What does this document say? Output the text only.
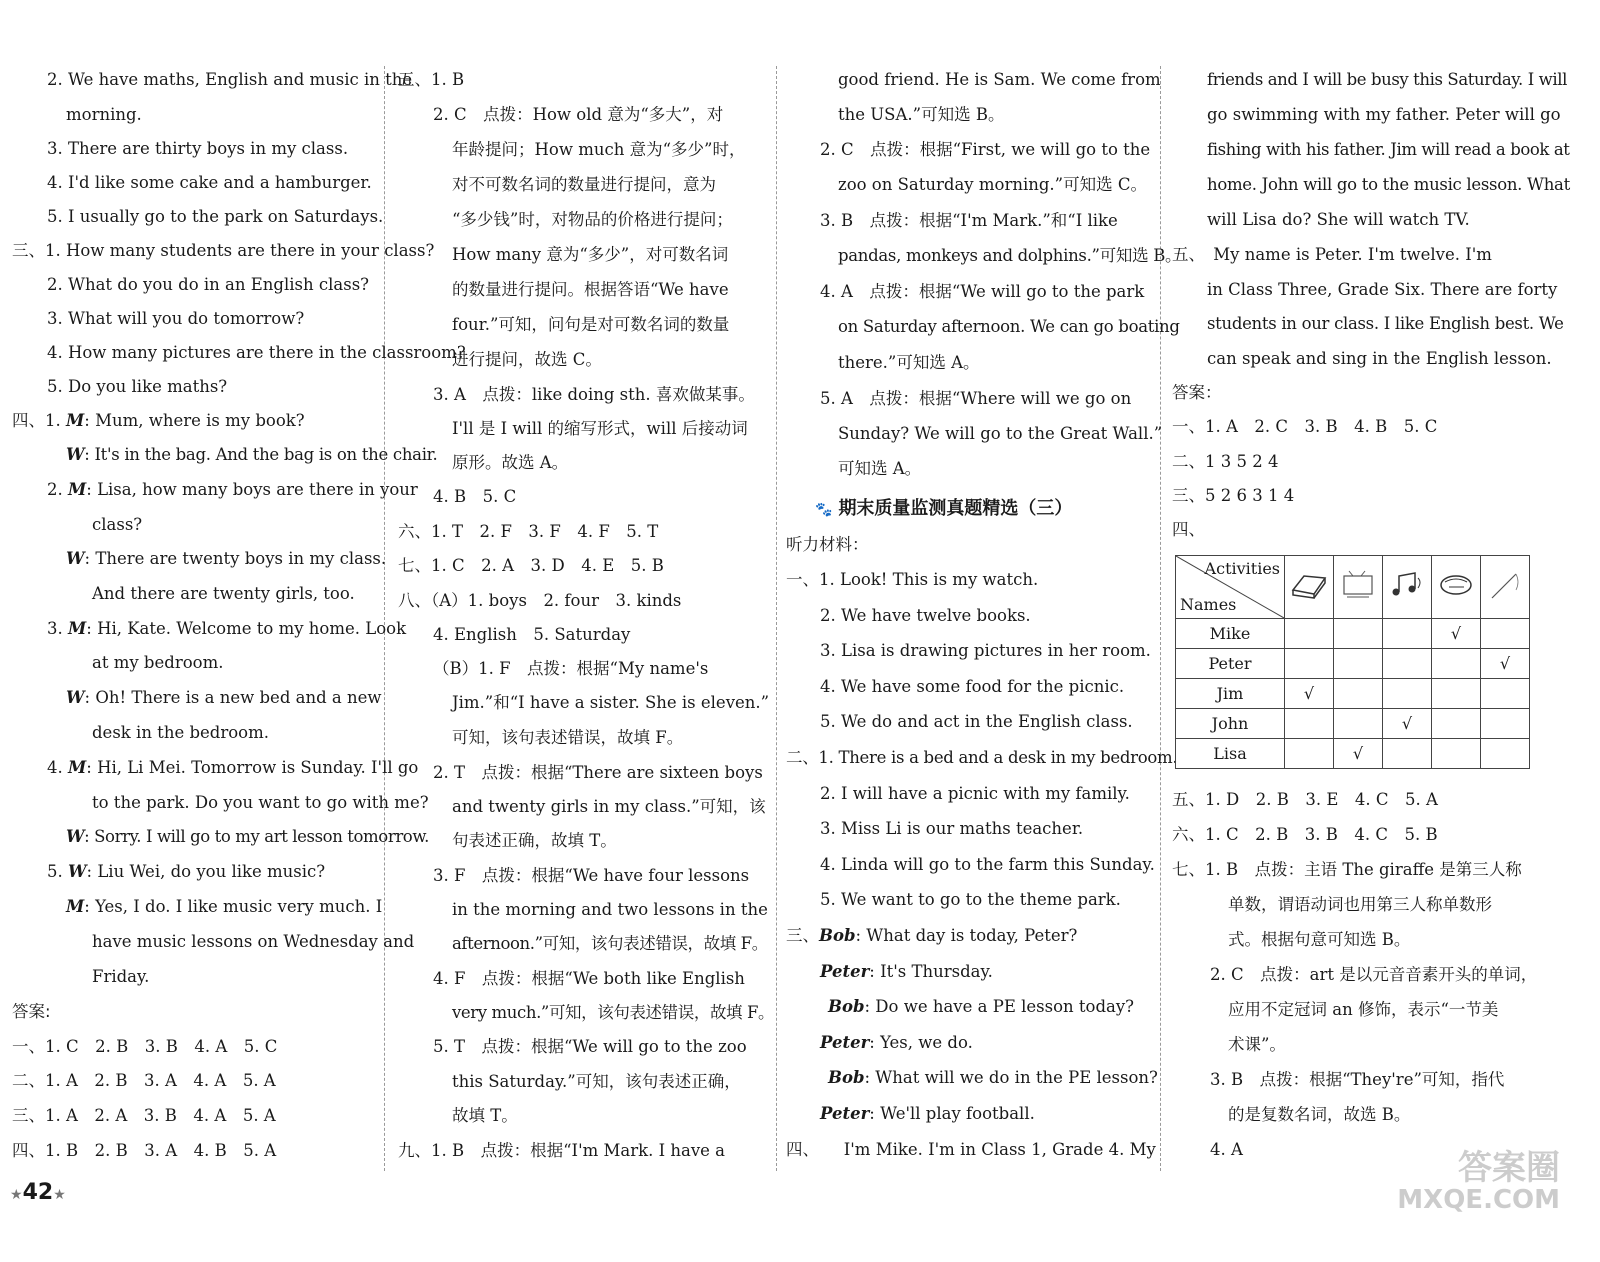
2. We have maths, English and music in the
morning.
3. There are thirty boys in my class.
4. I'd like some cake and a hamburger.
5. I usually go to the park on Saturdays.
三、1. How many students are there in your class?
2. What do you do in an English class?
3. What will you do tomorrow?
4. How many pictures are there in the classroom?
5. Do you like maths?
四、1. M: Mum, where is my book?
W: It's in the bag. And the bag is on the chair.
2. M: Lisa, how many boys are there in your
class?
W: There are twenty boys in my class.
And there are twenty girls, too.
3. M: Hi, Kate. Welcome to my home. Look
at my bedroom.
W: Oh! There is a new bed and a new
desk in the bedroom.
4. M: Hi, Li Mei. Tomorrow is Sunday. I'll go
to the park. Do you want to go with me?
W: Sorry. I will go to my art lesson tomorrow.
5. W: Liu Wei, do you like music?
M: Yes, I do. I like music very much. I
have music lessons on Wednesday and
Friday.
答案:
一、1. C　2. B　3. B　4. A　5. C
二、1. A　2. B　3. A　4. A　5. A
三、1. A　2. A　3. B　4. A　5. A
四、1. B　2. B　3. A　4. B　5. A
五、1. B
2. C　点拨：How old 意为“多大”，对
年龄提问；How much 意为“多少”时，
对不可数名词的数量进行提问，意为
“多少钱”时，对物品的价格进行提问；
How many 意为“多少”，对可数名词
的数量进行提问。根据答语“We have
four.”可知，问句是对可数名词的数量
进行提问，故选 C。
3. A　点拨：like doing sth. 喜欢做某事。
I'll 是 I will 的缩写形式，will 后接动词
原形。故选 A。
4. B　5. C
六、1. T　2. F　3. F　4. F　5. T
七、1. C　2. A　3. D　4. E　5. B
八、（A）1. boys　2. four　3. kinds
4. English　5. Saturday
（B）1. F　点拨：根据“My name's
Jim.”和“I have a sister. She is eleven.”
可知，该句表述错误，故填 F。
2. T　点拨：根据“There are sixteen boys
and twenty girls in my class.”可知，该
句表述正确，故填 T。
3. F　点拨：根据“We have four lessons
in the morning and two lessons in the
afternoon.”可知，该句表述错误，故填 F。
4. F　点拨：根据“We both like English
very much.”可知，该句表述错误，故填 F。
5. T　点拨：根据“We will go to the zoo
this Saturday.”可知，该句表述正确，
故填 T。
九、1. B　点拨：根据“I'm Mark. I have a
good friend. He is Sam. We come from
the USA.”可知选 B。
2. C　点拨：根据“First, we will go to the
zoo on Saturday morning.”可知选 C。
3. B　点拨：根据“I'm Mark.”和“I like
pandas, monkeys and dolphins.”可知选 B。
4. A　点拨：根据“We will go to the park
on Saturday afternoon. We can go boating
there.”可知选 A。
5. A　点拨：根据“Where will we go on
Sunday? We will go to the Great Wall.”
可知选 A。
🐾 期末质量监测真题精选（三）
听力材料：
一、1. Look! This is my watch.
2. We have twelve books.
3. Lisa is drawing pictures in her room.
4. We have some food for the picnic.
5. We do and act in the English class.
二、1. There is a bed and a desk in my bedroom.
2. I will have a picnic with my family.
3. Miss Li is our maths teacher.
4. Linda will go to the farm this Sunday.
5. We want to go to the theme park.
三、Bob: What day is today, Peter?
Peter: It's Thursday.
Bob: Do we have a PE lesson today?
Peter: Yes, we do.
Bob: What will we do in the PE lesson?
Peter: We'll play football.
四、　　I'm Mike. I'm in Class 1, Grade 4. My
friends and I will be busy this Saturday. I will
go swimming with my father. Peter will go
fishing with his father. Jim will read a book at
home. John will go to the music lesson. What
will Lisa do? She will watch TV.
五、　My name is Peter. I'm twelve. I'm
in Class Three, Grade Six. There are forty
students in our class. I like English best. We
can speak and sing in the English lesson.
答案：
一、1. A　2. C　3. B　4. B　5. C
二、1 3 5 2 4
三、5 2 6 3 1 4
四、
Activities
Names

Mike				√	
Peter					√
Jim	√				
John			√		
Lisa		√			
五、1. D　2. B　3. E　4. C　5. A
六、1. C　2. B　3. B　4. C　5. B
七、1. B　点拨：主语 The giraffe 是第三人称
单数，谓语动词也用第三人称单数形
式。根据句意可知选 B。
2. C　点拨：art 是以元音音素开头的单词，
应用不定冠词 an 修饰，表示“一节美
术课”。
3. B　点拨：根据“They're”可知，指代
的是复数名词，故选 B。
4. A
★42★
答案圈
MXQE.COM
